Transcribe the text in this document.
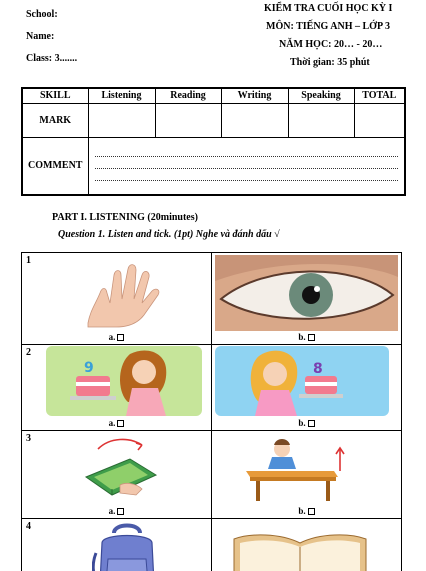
School:
Name:
Class: 3.......
KIỂM TRA CUỐI HỌC KỲ I
MÔN: TIẾNG ANH – LỚP 3
NĂM HỌC: 20… - 20…
Thời gian: 35 phút
SKILL	Listening	Reading	Writing	Speaking	TOTAL
MARK					
COMMENT					
PART I. LISTENING (20minutes)
Question 1. Listen and tick. (1pt) Nghe và đánh dấu √
1
a.	b.

2
9
a.	8
b.

3
a.	b.

4
